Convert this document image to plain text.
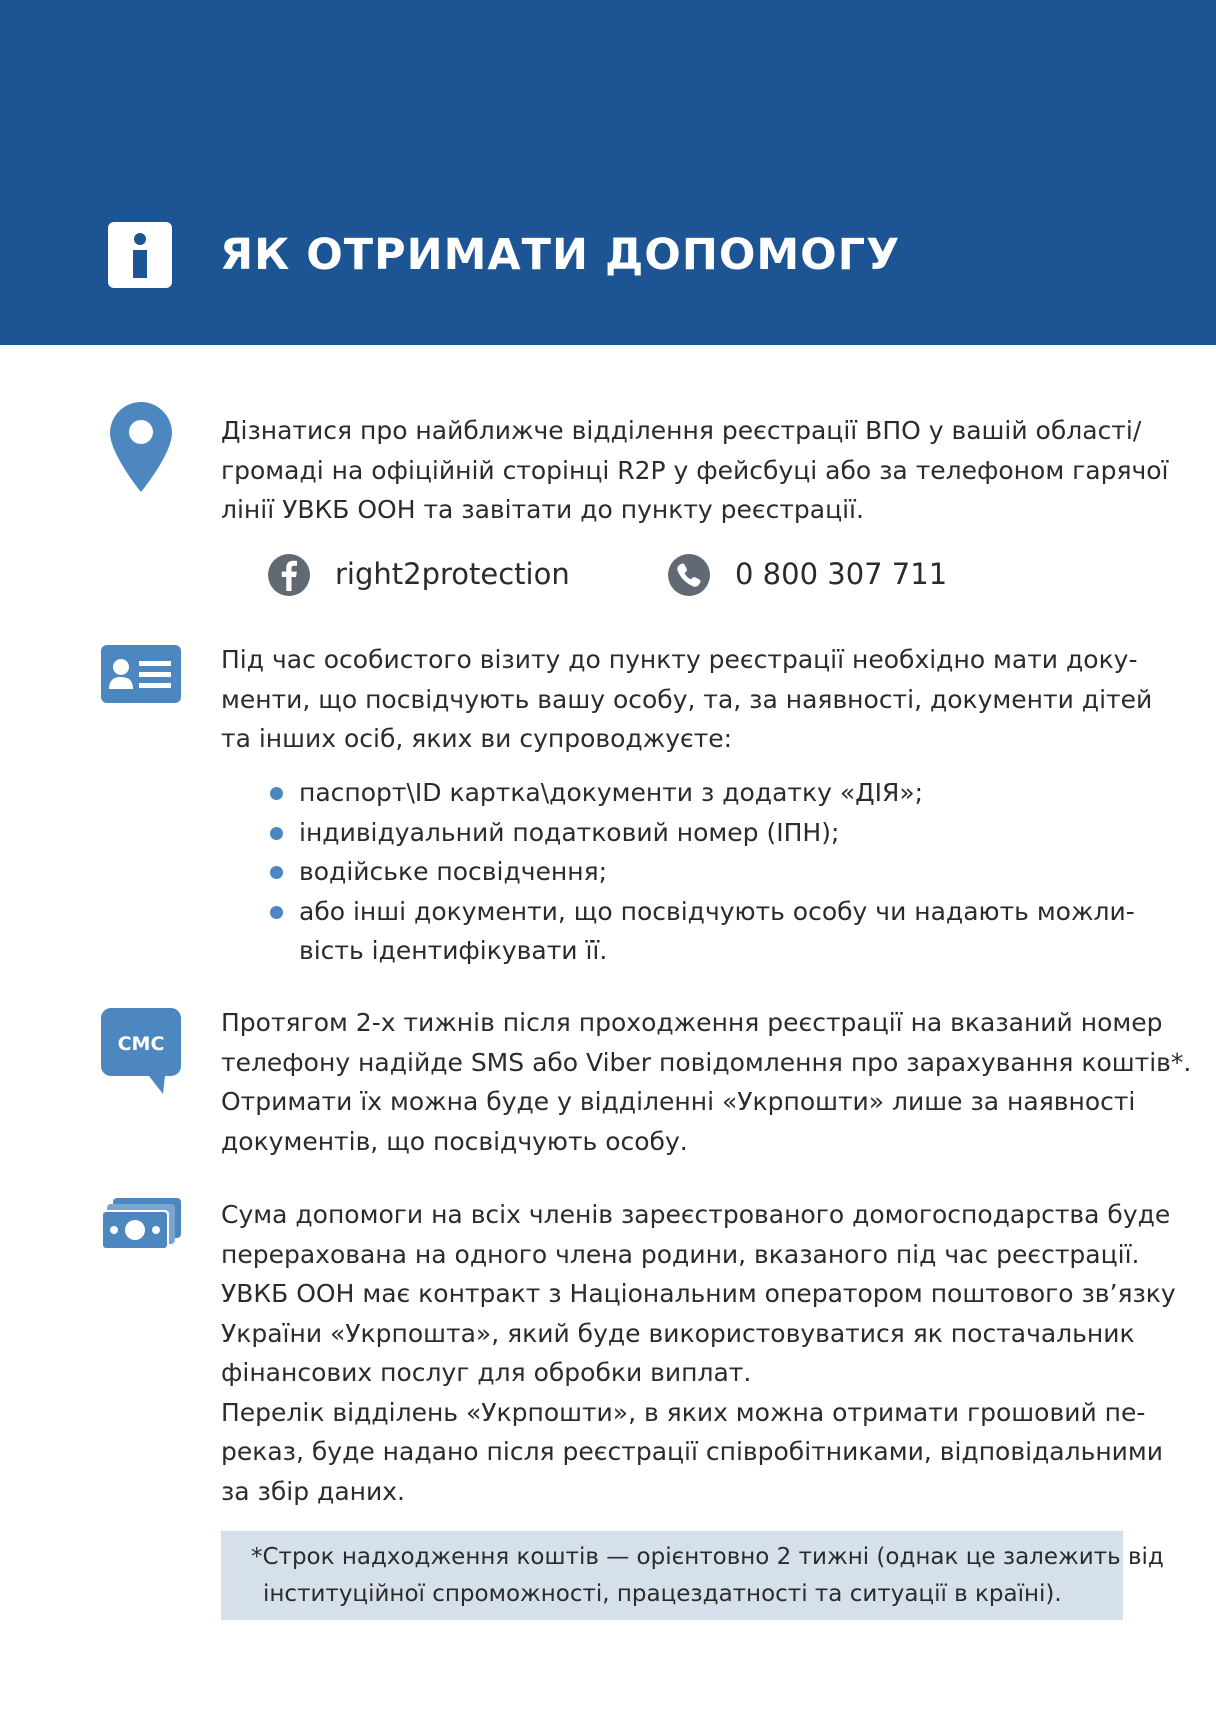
ЯК ОТРИМАТИ ДОПОМОГУ
Дізнатися про найближче відділення реєстрації ВПО у вашій області/
громаді на офіційній сторінці R2P у фейсбуці або за телефоном гарячої
лінії УВКБ ООН та завітати до пункту реєстрації.
right2protection	0 800 307 711
Під час особистого візиту до пункту реєстрації необхідно мати доку-
менти, що посвідчують вашу особу, та, за наявності, документи дітей
та інших осіб, яких ви супроводжуєте:
паспорт\ID картка\документи з додатку «ДІЯ»;
індивідуальний податковий номер (ІПН);
водійське посвідчення;
або інші документи, що посвідчують особу чи надають можли-
вість ідентифікувати її.
СМС
Протягом 2-х тижнів після проходження реєстрації на вказаний номер
телефону надійде SMS або Viber повідомлення про зарахування коштів*.
Отримати їх можна буде у відділенні «Укрпошти» лише за наявності
документів, що посвідчують особу.
Сума допомоги на всіх членів зареєстрованого домогосподарства буде
перерахована на одного члена родини, вказаного під час реєстрації.
УВКБ ООН має контракт з Національним оператором поштового зв’язку
України «Укрпошта», який буде використовуватися як постачальник
фінансових послуг для обробки виплат.
Перелік відділень «Укрпошти», в яких можна отримати грошовий пе-
реказ, буде надано після реєстрації співробітниками, відповідальними
за збір даних.
*Строк надходження коштів — орієнтовно 2 тижні (однак це залежить від
інституційної спроможності, працездатності та ситуації в країні).
